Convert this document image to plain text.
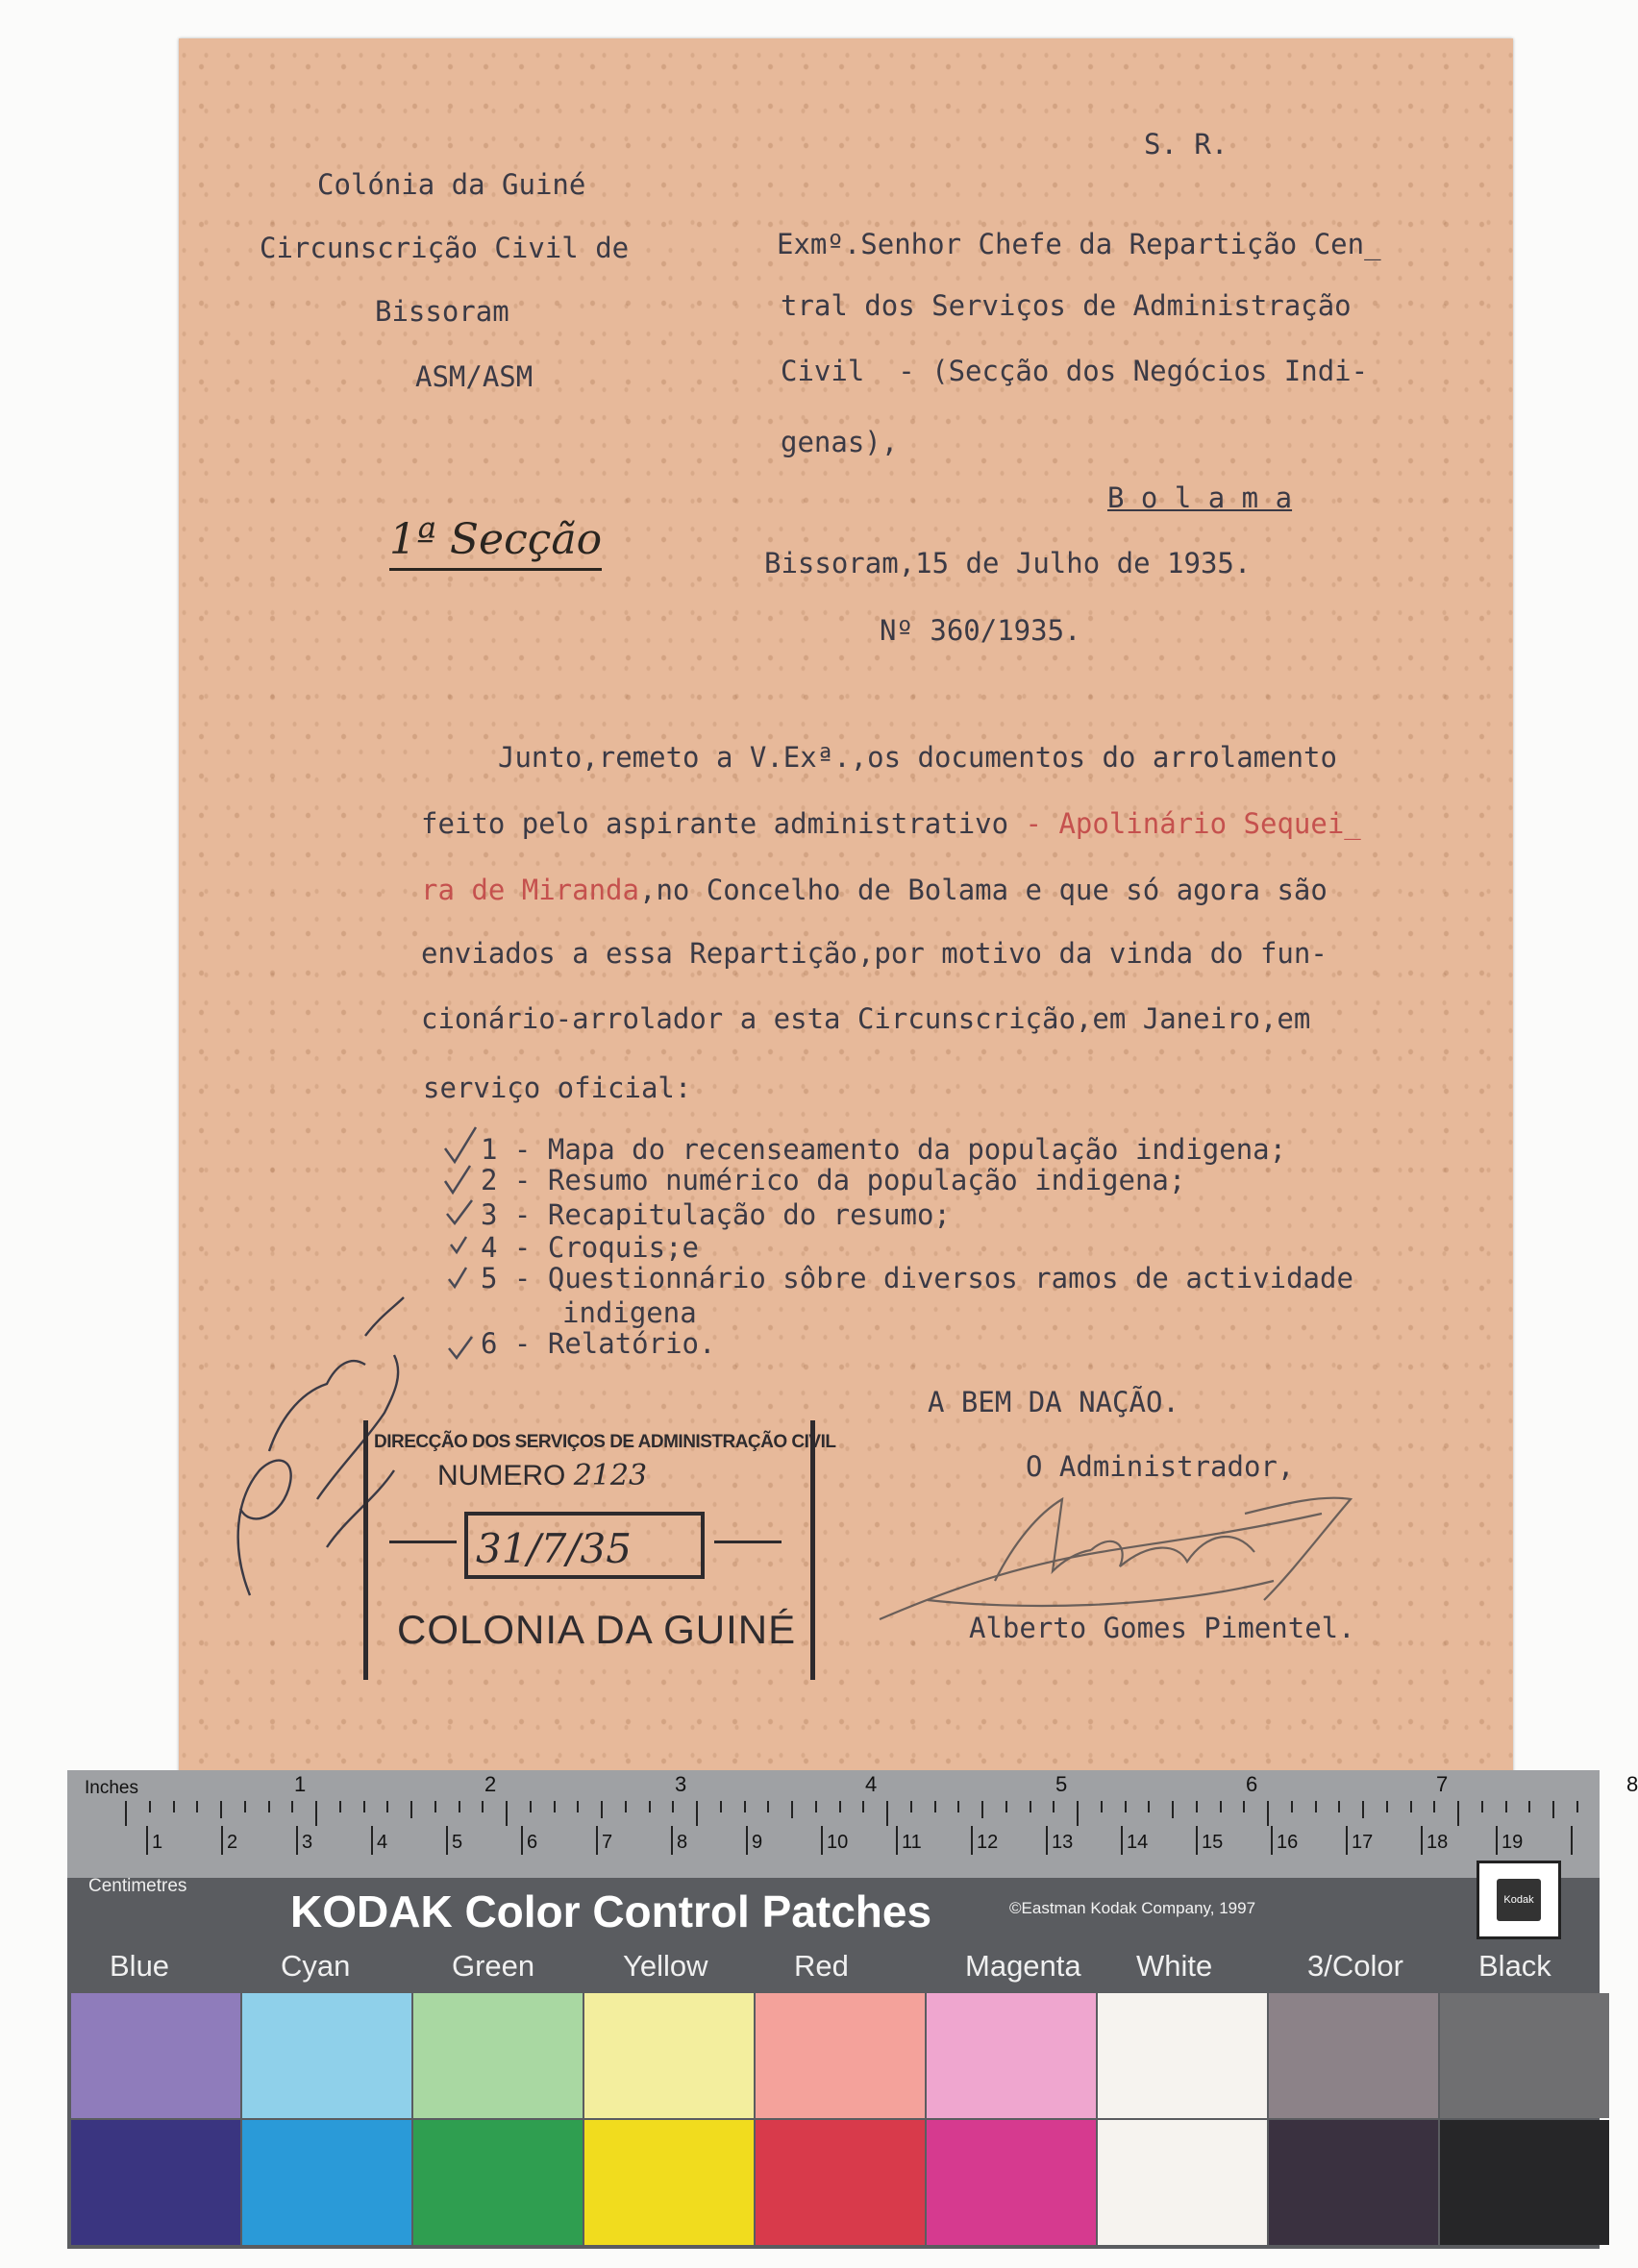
Colónia da Guiné
Circunscrição Civil de
Bissoram
ASM/ASM
S. R.
Exmº.Senhor Chefe da Repartição Cen_
tral dos Serviços de Administração
Civil  - (Secção dos Negócios Indi-
genas),
B o l a m a
1ª Secção	Bissoram,15 de Julho de 1935.
Nº 360/1935.
Junto,remeto a V.Exª.,os documentos do arrolamento
feito pelo aspirante administrativo - Apolinário Sequei_
ra de Miranda,no Concelho de Bolama e que só agora são
enviados a essa Repartição,por motivo da vinda do fun-
cionário-arrolador a esta Circunscrição,em Janeiro,em
serviço oficial:
1 - Mapa do recenseamento da população indigena;
2 - Resumo numérico da população indigena;
3 - Recapitulação do resumo;
4 - Croquis;e
5 - Questionnário sôbre diversos ramos de actividade
indigena
6 - Relatório.
A BEM DA NAÇÃO.
O Administrador,
Alberto Gomes Pimentel.
DIRECÇÃO DOS SERVIÇOS DE ADMINISTRAÇÃO CIVIL
NUMERO 2123
31/7/35
COLONIA DA GUINÉ
Inches
Centimetres
1	2	3	4	5	6	7	8
1	2	3	4	5	6	7	8	9	10	11	12	13	14	15	16	17	18	19
KODAK Color Control Patches	©Eastman Kodak Company, 1997	Kodak
Blue	Cyan	Green	Yellow	Red	Magenta White	3/Color	Black
